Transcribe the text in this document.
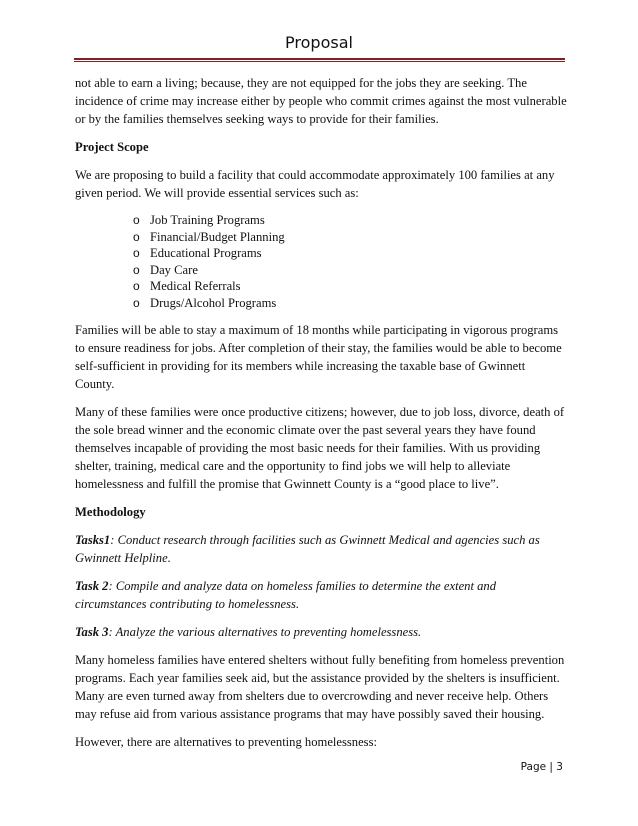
Proposal

not able to earn a living; because, they are not equipped for the jobs they are seeking. The incidence of crime may increase either by people who commit crimes against the most vulnerable or by the families themselves seeking ways to provide for their families.

Project Scope

We are proposing to build a facility that could accommodate approximately 100 families at any given period. We will provide essential services such as:

o Job Training Programs
o Financial/Budget Planning
o Educational Programs
o Day Care
o Medical Referrals
o Drugs/Alcohol Programs

Families will be able to stay a maximum of 18 months while participating in vigorous programs to ensure readiness for jobs. After completion of their stay, the families would be able to become self-sufficient in providing for its members while increasing the taxable base of Gwinnett County.

Many of these families were once productive citizens; however, due to job loss, divorce, death of the sole bread winner and the economic climate over the past several years they have found themselves incapable of providing the most basic needs for their families. With us providing shelter, training, medical care and the opportunity to find jobs we will help to alleviate homelessness and fulfill the promise that Gwinnett County is a “good place to live”.

Methodology

Tasks1: Conduct research through facilities such as Gwinnett Medical and agencies such as Gwinnett Helpline.

Task 2: Compile and analyze data on homeless families to determine the extent and circumstances contributing to homelessness.

Task 3: Analyze the various alternatives to preventing homelessness.

Many homeless families have entered shelters without fully benefiting from homeless prevention programs. Each year families seek aid, but the assistance provided by the shelters is insufficient. Many are even turned away from shelters due to overcrowding and never receive help. Others may refuse aid from various assistance programs that may have possibly saved their housing.

However, there are alternatives to preventing homelessness:

Page | 3
